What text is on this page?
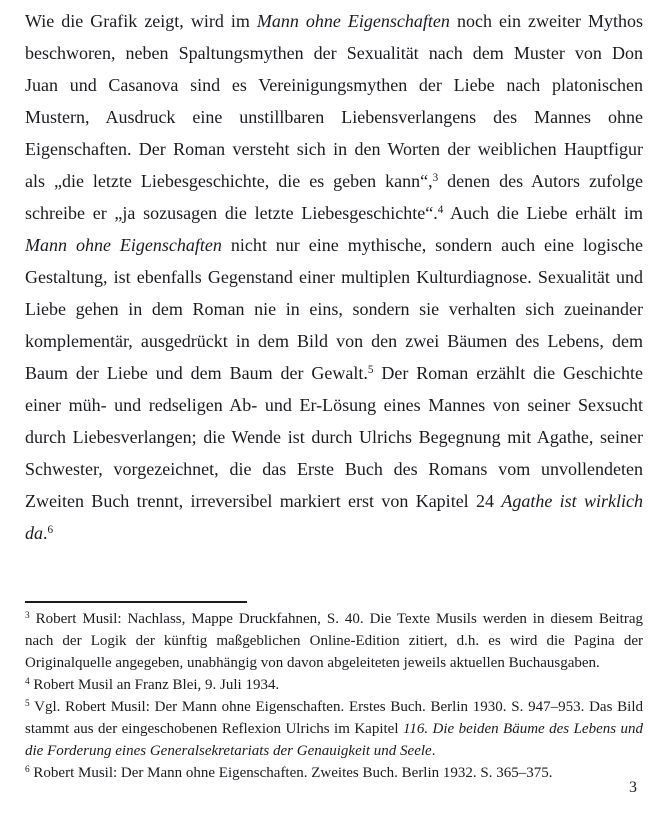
Wie die Grafik zeigt, wird im Mann ohne Eigenschaften noch ein zweiter Mythos beschworen, neben Spaltungsmythen der Sexualität nach dem Muster von Don Juan und Casanova sind es Vereinigungsmythen der Liebe nach platonischen Mustern, Ausdruck eine unstillbaren Liebensverlangens des Mannes ohne Eigenschaften. Der Roman versteht sich in den Worten der weiblichen Hauptfigur als „die letzte Liebesgeschichte, die es geben kann“,$^3$ denen des Autors zufolge schreibe er „ja sozusagen die letzte Liebesgeschichte“.$^4$ Auch die Liebe erhält im Mann ohne Eigenschaften nicht nur eine mythische, sondern auch eine logische Gestaltung, ist ebenfalls Gegenstand einer multiplen Kulturdiagnose. Sexualität und Liebe gehen in dem Roman nie in eins, sondern sie verhalten sich zueinander komplementär, ausgedrückt in dem Bild von den zwei Bäumen des Lebens, dem Baum der Liebe und dem Baum der Gewalt.$^5$ Der Roman erzählt die Geschichte einer müh- und redseligen Ab- und Er-Lösung eines Mannes von seiner Sexsucht durch Liebesverlangen; die Wende ist durch Ulrichs Begegnung mit Agathe, seiner Schwester, vorgezeichnet, die das Erste Buch des Romans vom unvollendeten Zweiten Buch trennt, irreversibel markiert erst von Kapitel 24 Agathe ist wirklich da.$^6$

$^3$ Robert Musil: Nachlass, Mappe Druckfahnen, S. 40. Die Texte Musils werden in diesem Beitrag nach der Logik der künftig maßgeblichen Online-Edition zitiert, d.h. es wird die Pagina der Originalquelle angegeben, unabhängig von davon abgeleiteten jeweils aktuellen Buchausgaben.

$^4$ Robert Musil an Franz Blei, 9. Juli 1934.

$^5$ Vgl. Robert Musil: Der Mann ohne Eigenschaften. Erstes Buch. Berlin 1930. S. 947–953. Das Bild stammt aus der eingeschobenen Reflexion Ulrichs im Kapitel 116. Die beiden Bäume des Lebens und die Forderung eines Generalsekretariats der Genauigkeit und Seele.

$^6$ Robert Musil: Der Mann ohne Eigenschaften. Zweites Buch. Berlin 1932. S. 365–375.

3
